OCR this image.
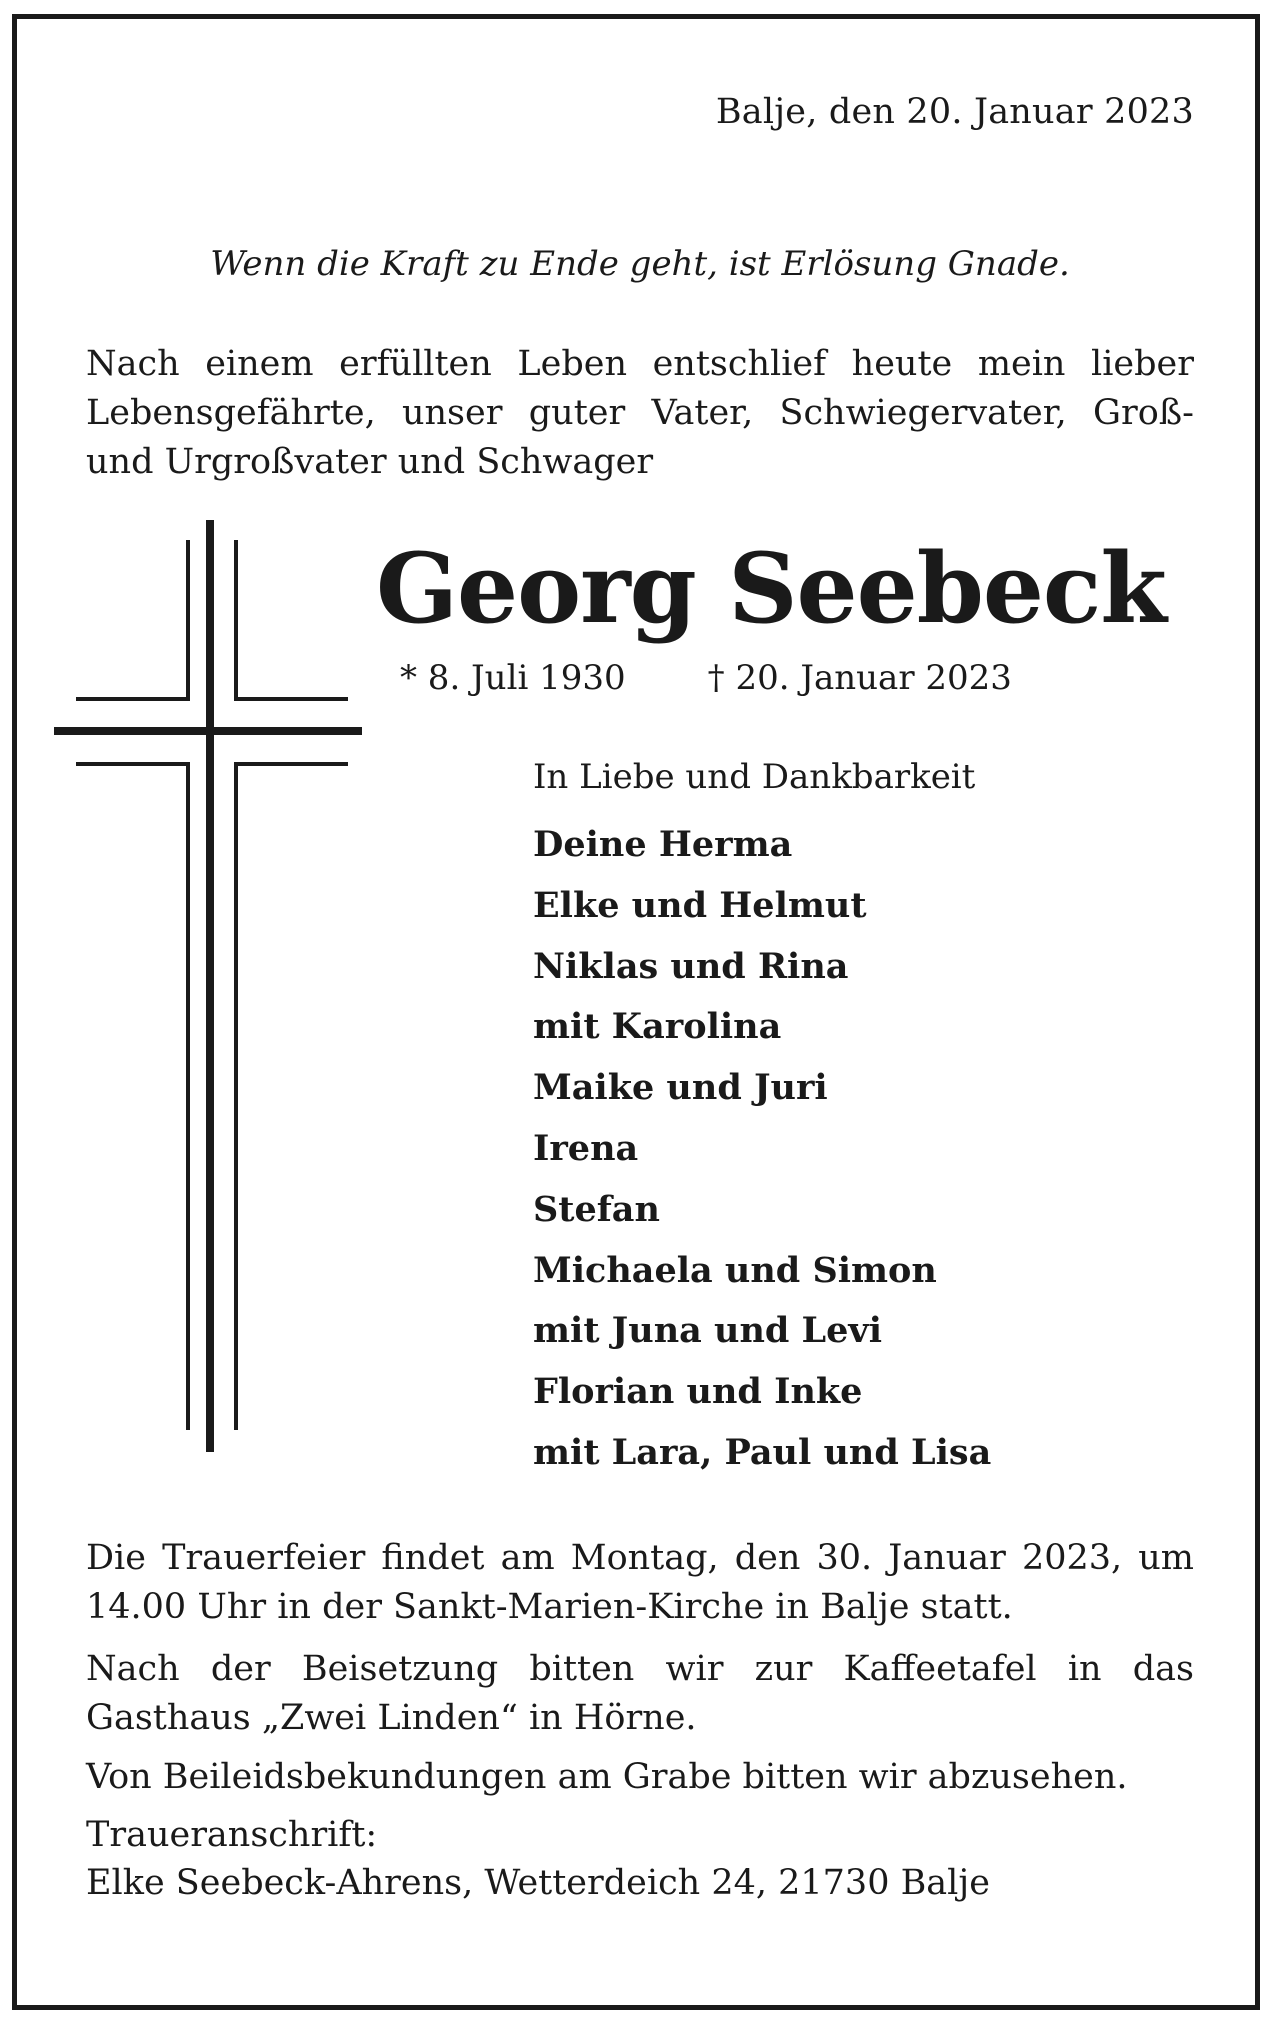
Balje, den 20. Januar 2023
Wenn die Kraft zu Ende geht, ist Erlösung Gnade.
Nach einem erfüllten Leben entschlief heute mein lieber Lebensgefährte, unser guter Vater, Schwiegervater, Groß- und Urgroßvater und Schwager
Georg Seebeck
* 8. Juli 1930 † 20. Januar 2023
In Liebe und Dankbarkeit
Deine Herma
Elke und Helmut
Niklas und Rina
mit Karolina
Maike und Juri
Irena
Stefan
Michaela und Simon
mit Juna und Levi
Florian und Inke
mit Lara, Paul und Lisa
Die Trauerfeier findet am Montag, den 30. Januar 2023, um 14.00 Uhr in der Sankt-Marien-Kirche in Balje statt.
Nach der Beisetzung bitten wir zur Kaffeetafel in das Gasthaus „Zwei Linden“ in Hörne.
Von Beileidsbekundungen am Grabe bitten wir abzusehen.
Traueranschrift:
Elke Seebeck-Ahrens, Wetterdeich 24, 21730 Balje
